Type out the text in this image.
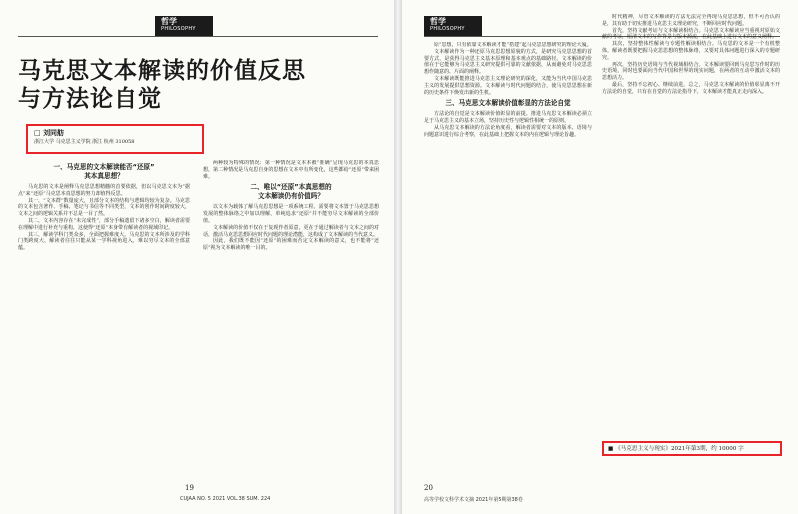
哲学
PHILOSOPHY
马克思文本解读的价值反思
与方法论自觉
□ 刘同舫
浙江大学 马克思主义学院 浙江 杭州 310058
一、马克思的文本解读能否“还原”
其本真思想？

马克思的文本是阐释马克思思想精髓的首要依据，但以马克思文本为“据点”来“还原”马克思本真思想的努力却值得反思。

其一，“文本群”数量庞大，且部分文本的结构与逻辑均较为复杂。马克思的文本包含著作、手稿、笔记与书信等不同类型，文本的创作时间跨度较大，文本之间的逻辑关系并不总是一目了然。

其二，文本内容存在“未完成性”，部分手稿遗留下诸多空白，解读者需要在理解中进行补充与重构，这使得“还原”本身带有解读者的视域印记。

其三，解读学科门类众多，全面把握难度大。马克思的文本所涉及的学科门类跨度大，解读者往往只能从某一学科视角进入，难以穷尽文本的全部意蕴。

两种较为特殊的情况：第一种情况是文本本被“准确”呈现马克思的本真思想，第二种情况是马克思自身的思想在文本中有所变化，这些都给“还原”带来困难。

二、唯以“还原”本真思想的
文本解读仍有价值吗？

以文本为载体了解马克思思想是一项系统工程，需要将文本置于马克思思想发展的整体脉络之中加以理解，单纯追求“还原”并不能穷尽文本解读的全部价值。

文本解读的价值不仅在于复现作者原意，更在于通过解读者与文本之间的对话，激活马克思思想回应时代问题的理论潜能，这构成了文本解读的当代意义。

因此，我们既不能因“还原”的困难而否定文本解读的意义，也不能将“还原”视为文本解读的唯一目的。

19
CUJAA NO. 5 2021 VOL.38 SUM. 224
哲学
PHILOSOPHY

原”思想，只有依靠文本解读才能“搭建”起马克思思想研究的理论大厦。

文本解读作为一种还原马克思思想原貌的方式，是研究马克思思想的首要方式，是获得马克思主义基本原理和基本观点的基础路径。文本解读的价值在于它能够为马克思主义研究提供可靠的文献依据，从而避免对马克思思想作随意的、片面的阐释。

文本解读既能推进马克思主义理论研究的深化，又能为当代中国马克思主义的发展提供思想资源。文本解读与时代问题的结合，使马克思思想在新的历史条件下焕发出新的生机。

三、马克思文本解读价值彰显的方法论自觉

方法论的自觉是文本解读价值彰显的前提。推进马克思文本解读必须立足于马克思主义的基本立场，坚持历史性与逻辑性相统一的原则。

从马克思文本解读的方法论角度看，解读者需要对文本的版本、语境与问题意识进行综合考察，在此基础上把握文本的内在逻辑与理论旨趣。

时代精神，尽管文本解读的方法无法完全再现马克思思想，但不可否认的是，其有助于切实推进马克思主义理论研究，不断回应时代问题。

首先，坚持文献考证与文本解读相结合。马克思文本解读应当重视对原始文献的考证，厘清文本的写作背景与版本源流，在此基础上进行文本的意义阐释。

其次，坚持整体性解读与专题性解读相结合。马克思的文本是一个有机整体，解读者既要把握马克思思想的整体脉络，又要对具体问题进行深入的专题研究。

再次，坚持历史语境与当代视域相结合。文本解读要回到马克思写作时的历史语境，同时也要面向当代中国和世界的现实问题，在两者的互动中激活文本的思想活力。

最后，坚持不忘初心、继续前进。总之，马克思文本解读的价值彰显离不开方法论的自觉，只有在自觉的方法论指导下，文本解读才能真正走向深入。

■ 《马克思主义与现实》2021年第3期，约 10000 字
20
高等学校文科学术文摘 2021年第5期第38卷
